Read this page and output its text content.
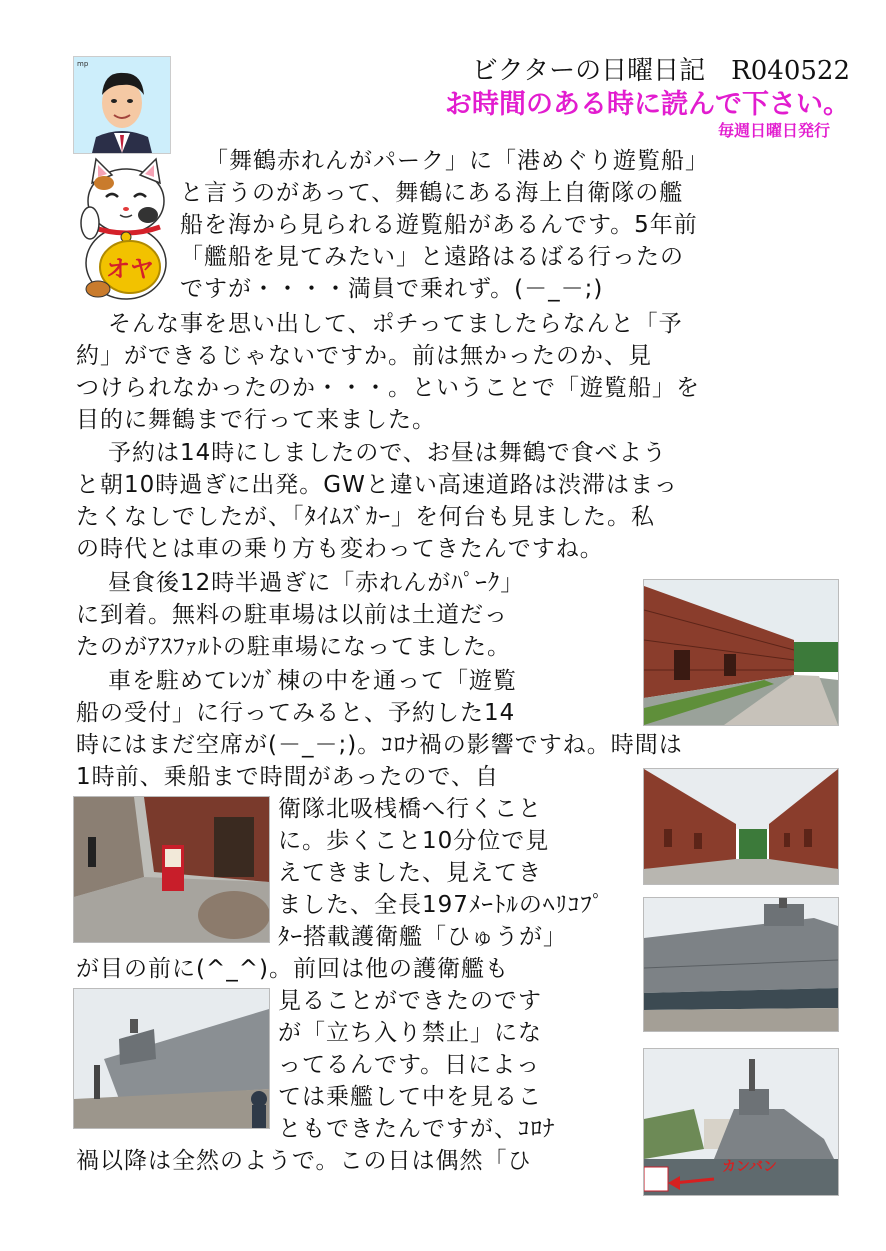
mp	ビクターの日曜日記　R040522
お時間のある時に読んで下さい。
毎週日曜日発行
オヤ
「舞鶴赤れんがパーク」に「港めぐり遊覧船」
と言うのがあって、舞鶴にある海上自衛隊の艦
船を海から見られる遊覧船があるんです。5年前
「艦船を見てみたい」と遠路はるばる行ったの
ですが・・・・満員で乗れず。(－_－;)
そんな事を思い出して、ポチってましたらなんと「予
約」ができるじゃないですか。前は無かったのか、見
つけられなかったのか・・・。ということで「遊覧船」を
目的に舞鶴まで行って来ました。
予約は14時にしましたので、お昼は舞鶴で食べよう
と朝10時過ぎに出発。GWと違い高速道路は渋滞はまっ
たくなしでしたが、「ﾀｲﾑｽﾞｶｰ」を何台も見ました。私
の時代とは車の乗り方も変わってきたんですね。
昼食後12時半過ぎに「赤れんがﾊﾟｰｸ」
に到着。無料の駐車場は以前は土道だっ
たのがｱｽﾌｧﾙﾄの駐車場になってました。
車を駐めてﾚﾝｶﾞ棟の中を通って「遊覧
船の受付」に行ってみると、予約した14
時にはまだ空席が(－_－;)。ｺﾛﾅ禍の影響ですね。時間は
1時前、乗船まで時間があったので、自
衛隊北吸桟橋へ行くこと
に。歩くこと10分位で見
えてきました、見えてき
ました、全長197ﾒｰﾄﾙのﾍﾘｺﾌﾟ
ﾀｰ搭載護衛艦「ひゅうが」
が目の前に(^_^)。前回は他の護衛艦も
見ることができたのです
が「立ち入り禁止」にな
ってるんです。日によっ
ては乗艦して中を見るこ
ともできたんですが、ｺﾛﾅ
禍以降は全然のようで。この日は偶然「ひ	カンバン
